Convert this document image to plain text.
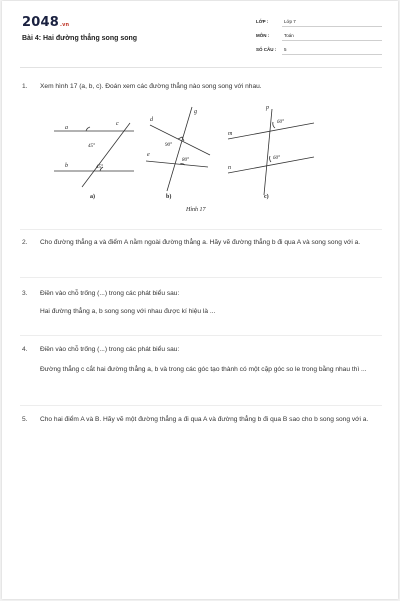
2048.vn
Bài 4: Hai đường thẳng song song
LỚP :	Lớp 7
MÔN :	Toán
SỐ CÂU : 5
1. Xem hình 17 (a, b, c). Đoán xem các đường thẳng nào song song với nhau.
a
b
c
45°
45°
a)
d
e
g
90°
80°
b)
p
m
n
60°
60°
c)
Hình 17
2. Cho đường thẳng a và điểm A nằm ngoài đường thẳng a. Hãy vẽ đường thẳng b đi qua A và song song với a.
3. Điền vào chỗ trống (...) trong các phát biểu sau:
Hai đường thẳng a, b song song với nhau được kí hiệu là ...
4. Điền vào chỗ trống (...) trong các phát biểu sau:
Đường thẳng c cắt hai đường thẳng a, b và trong các góc tạo thành có một cặp góc so le trong bằng nhau thì ...
5. Cho hai điểm A và B. Hãy vẽ một đường thẳng a đi qua A và đường thẳng b đi qua B sao cho b song song với a.
